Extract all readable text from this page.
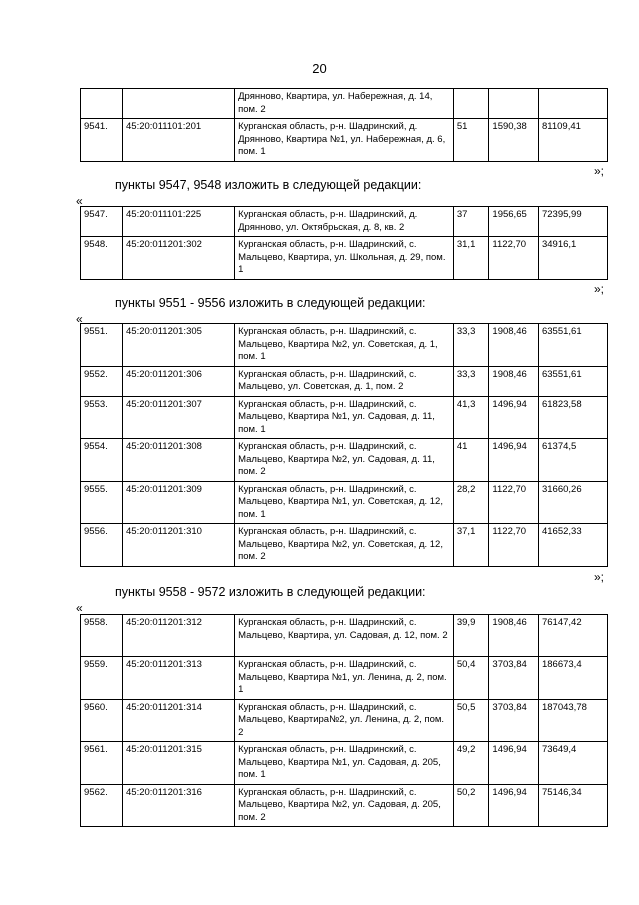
20
		Дрянново, Квартира, ул. Набережная, д. 14, пом. 2			
9541.	45:20:011101:201	Курганская область, р-н. Шадринский, д. Дрянново, Квартира №1, ул. Набережная, д. 6, пом. 1	51	1590,38	81109,41
»;
пункты 9547, 9548 изложить в следующей редакции:
«
9547.	45:20:011101:225	Курганская область, р-н. Шадринский, д. Дрянново, ул. Октябрьская, д. 8, кв. 2	37	1956,65	72395,99
9548.	45:20:011201:302	Курганская область, р-н. Шадринский, с. Мальцево, Квартира, ул. Школьная, д. 29, пом. 1	31,1	1122,70	34916,1
»;
пункты 9551 - 9556 изложить в следующей редакции:
«
9551.	45:20:011201:305	Курганская область, р-н. Шадринский, с. Мальцево, Квартира №2, ул. Советская, д. 1, пом. 1	33,3	1908,46	63551,61
9552.	45:20:011201:306	Курганская область, р-н. Шадринский, с. Мальцево, ул. Советская, д. 1, пом. 2	33,3	1908,46	63551,61
9553.	45:20:011201:307	Курганская область, р-н. Шадринский, с. Мальцево, Квартира №1, ул. Садовая, д. 11, пом. 1	41,3	1496,94	61823,58
9554.	45:20:011201:308	Курганская область, р-н. Шадринский, с. Мальцево, Квартира №2, ул. Садовая, д. 11, пом. 2	41	1496,94	61374,5
9555.	45:20:011201:309	Курганская область, р-н. Шадринский, с. Мальцево, Квартира №1, ул. Советская, д. 12, пом. 1	28,2	1122,70	31660,26
9556.	45:20:011201:310	Курганская область, р-н. Шадринский, с. Мальцево, Квартира №2, ул. Советская, д. 12, пом. 2	37,1	1122,70	41652,33
»;
пункты 9558 - 9572 изложить в следующей редакции:
«
9558.	45:20:011201:312	Курганская область, р-н. Шадринский, с. Мальцево, Квартира, ул. Садовая, д. 12, пом. 2	39,9	1908,46	76147,42
9559.	45:20:011201:313	Курганская область, р-н. Шадринский, с. Мальцево, Квартира №1, ул. Ленина, д. 2, пом. 1	50,4	3703,84	186673,4
9560.	45:20:011201:314	Курганская область, р-н. Шадринский, с. Мальцево, Квартира№2, ул. Ленина, д. 2, пом. 2	50,5	3703,84	187043,78
9561.	45:20:011201:315	Курганская область, р-н. Шадринский, с. Мальцево, Квартира №1, ул. Садовая, д. 205, пом. 1	49,2	1496,94	73649,4
9562.	45:20:011201:316	Курганская область, р-н. Шадринский, с. Мальцево, Квартира №2, ул. Садовая, д. 205, пом. 2	50,2	1496,94	75146,34
